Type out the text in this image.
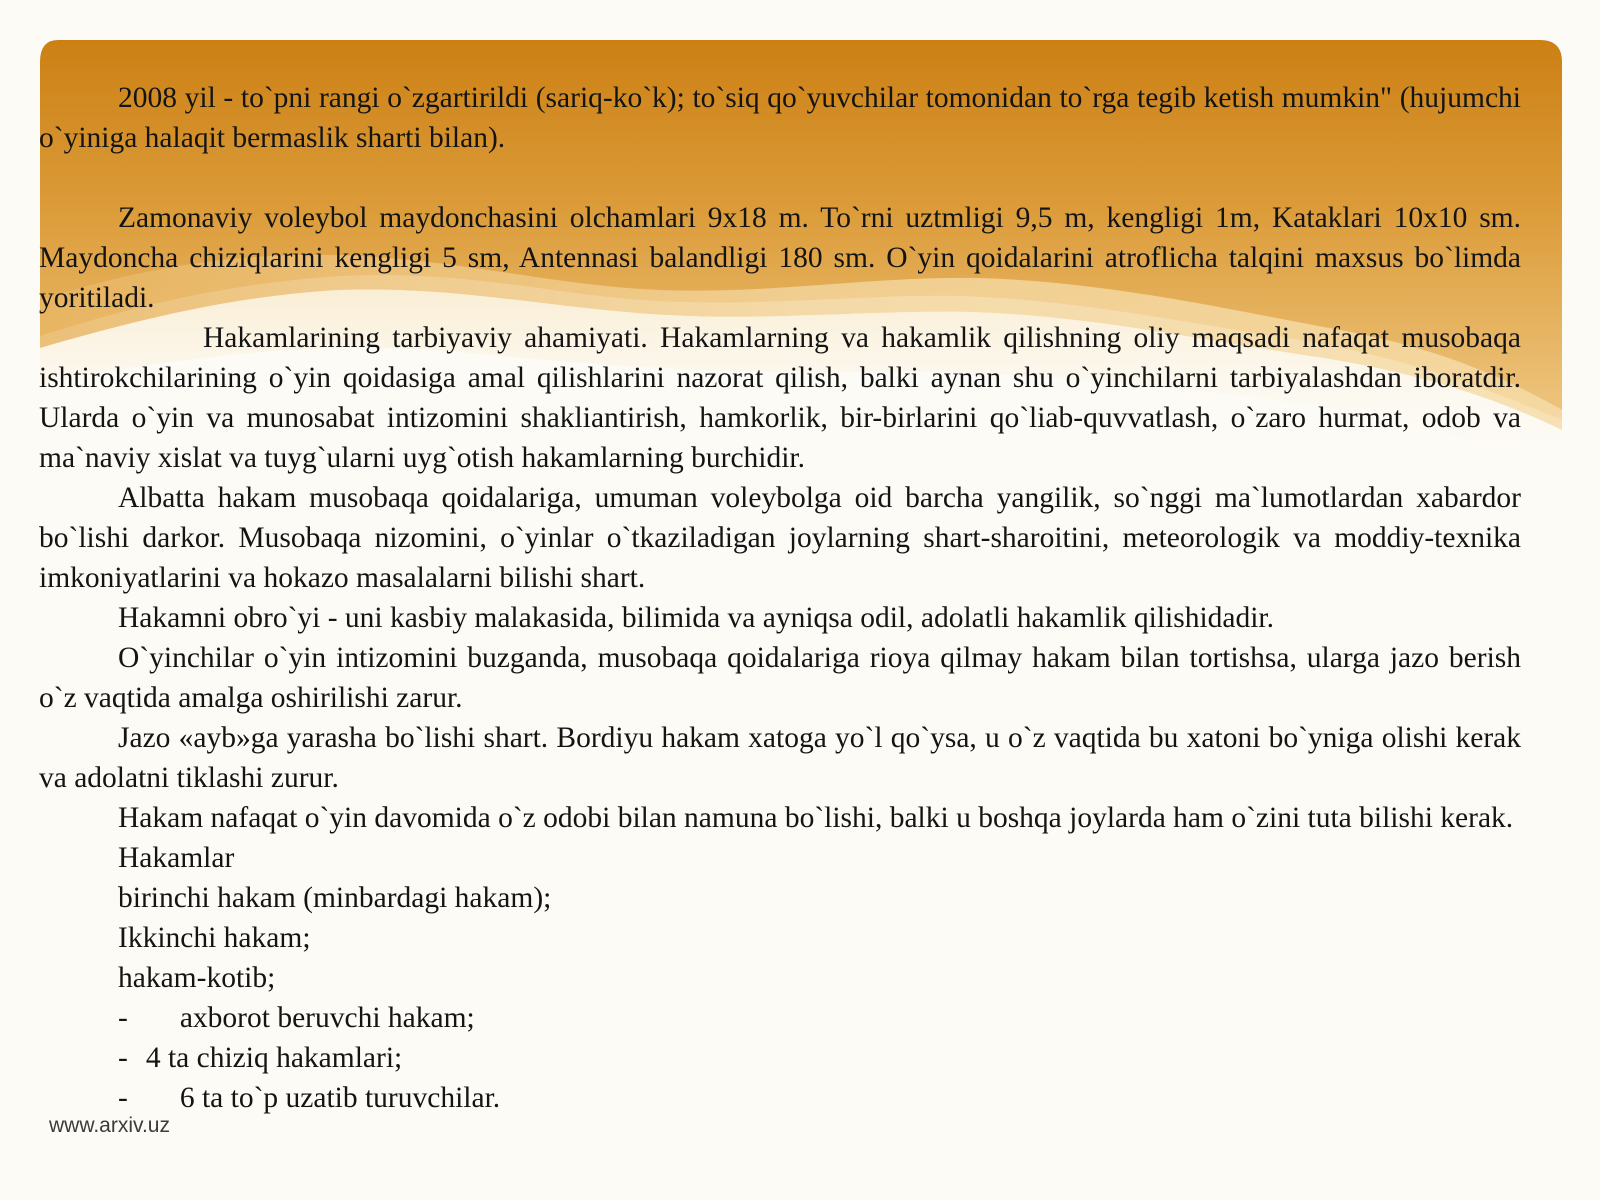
2008 yil - to`pni rangi o`zgartirildi (sariq-ko`k); to`siq qo`yuvchilar tomonidan to`rga tegib ketish mumkin" (hujumchi o`yiniga halaqit bermaslik sharti bilan).

Zamonaviy voleybol maydonchasini olchamlari 9x18 m. To`rni uztmligi 9,5 m, kengligi 1m, Kataklari 10x10 sm. Maydoncha chiziqlarini kengligi 5 sm, Antennasi balandligi 180 sm. O`yin qoidalarini atroflicha talqini maxsus bo`limda yoritiladi.

Hakamlarining tarbiyaviy ahamiyati. Hakamlarning va hakamlik qilishning oliy maqsadi nafaqat musobaqa ishtirokchilarining o`yin qoidasiga amal qilishlarini nazorat qilish, balki aynan shu o`yinchilarni tarbiyalashdan iboratdir. Ularda o`yin va munosabat intizomini shakliantirish, hamkorlik, bir-birlarini qo`liab-quvvatlash, o`zaro hurmat, odob va ma`naviy xislat va tuyg`ularni uyg`otish hakamlarning burchidir.

Albatta hakam musobaqa qoidalariga, umuman voleybolga oid barcha yangilik, so`nggi ma`lumotlardan xabardor bo`lishi darkor. Musobaqa nizomini, o`yinlar o`tkaziladigan joylarning shart-sharoitini, meteorologik va moddiy-texnika imkoniyatlarini va hokazo masalalarni bilishi shart.

Hakamni obro`yi - uni kasbiy malakasida, bilimida va ayniqsa odil, adolatli hakamlik qilishidadir.

O`yinchilar o`yin intizomini buzganda, musobaqa qoidalariga rioya qilmay hakam bilan tortishsa, ularga jazo berish o`z vaqtida amalga oshirilishi zarur.

Jazo «ayb»ga yarasha bo`lishi shart. Bordiyu hakam xatoga yo`l qo`ysa, u o`z vaqtida bu xatoni bo`yniga olishi kerak va adolatni tiklashi zurur.

Hakam nafaqat o`yin davomida o`z odobi bilan namuna bo`lishi, balki u boshqa joylarda ham o`zini tuta bilishi kerak.

Hakamlar
birinchi hakam (minbardagi hakam);
Ikkinchi hakam;
hakam-kotib;
- axborot beruvchi hakam;
- 4 ta chiziq hakamlari;
- 6 ta to`p uzatib turuvchilar.
www.arxiv.uz
